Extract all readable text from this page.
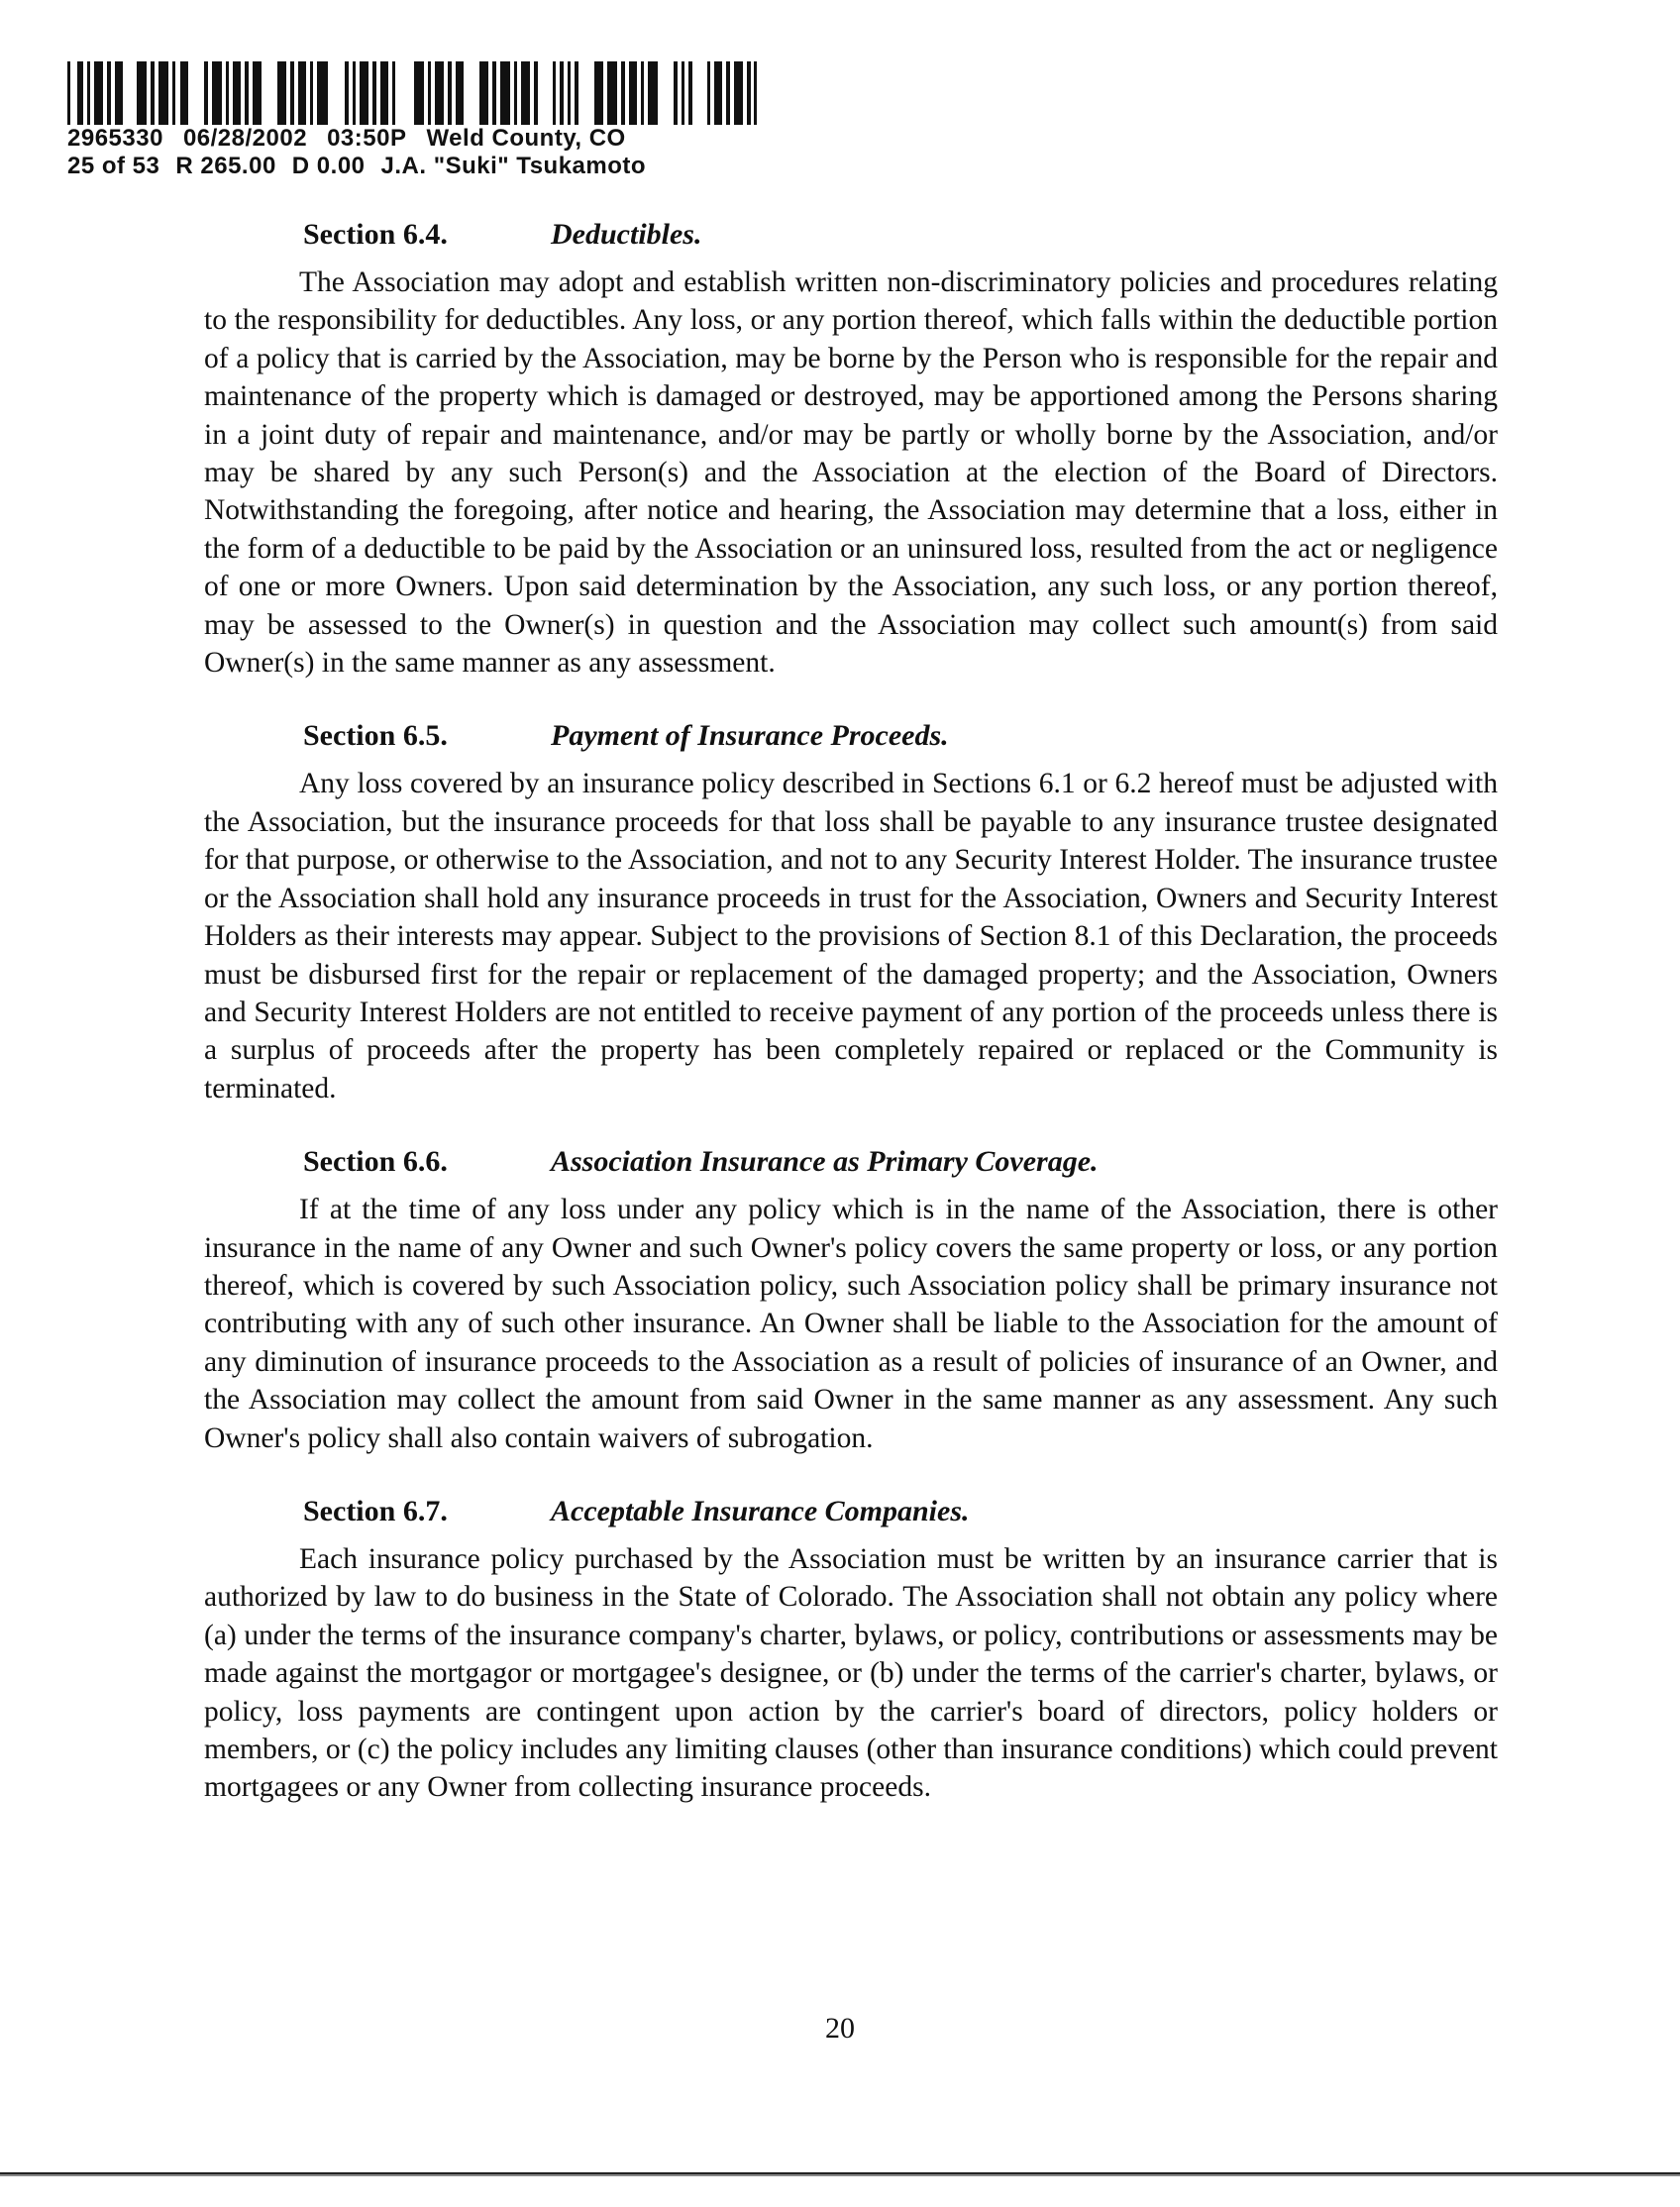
2965330 06/28/2002 03:50P Weld County, CO
25 of 53 R 265.00 D 0.00 J.A. "Suki" Tsukamoto
Section 6.4.	Deductibles.

The Association may adopt and establish written non-discriminatory policies and procedures relating to the responsibility for deductibles. Any loss, or any portion thereof, which falls within the deductible portion of a policy that is carried by the Association, may be borne by the Person who is responsible for the repair and maintenance of the property which is damaged or destroyed, may be apportioned among the Persons sharing in a joint duty of repair and maintenance, and/or may be partly or wholly borne by the Association, and/or may be shared by any such Person(s) and the Association at the election of the Board of Directors. Notwithstanding the foregoing, after notice and hearing, the Association may determine that a loss, either in the form of a deductible to be paid by the Association or an uninsured loss, resulted from the act or negligence of one or more Owners. Upon said determination by the Association, any such loss, or any portion thereof, may be assessed to the Owner(s) in question and the Association may collect such amount(s) from said Owner(s) in the same manner as any assessment.

Section 6.5.	Payment of Insurance Proceeds.

Any loss covered by an insurance policy described in Sections 6.1 or 6.2 hereof must be adjusted with the Association, but the insurance proceeds for that loss shall be payable to any insurance trustee designated for that purpose, or otherwise to the Association, and not to any Security Interest Holder. The insurance trustee or the Association shall hold any insurance proceeds in trust for the Association, Owners and Security Interest Holders as their interests may appear. Subject to the provisions of Section 8.1 of this Declaration, the proceeds must be disbursed first for the repair or replacement of the damaged property; and the Association, Owners and Security Interest Holders are not entitled to receive payment of any portion of the proceeds unless there is a surplus of proceeds after the property has been completely repaired or replaced or the Community is terminated.

Section 6.6.	Association Insurance as Primary Coverage.

If at the time of any loss under any policy which is in the name of the Association, there is other insurance in the name of any Owner and such Owner's policy covers the same property or loss, or any portion thereof, which is covered by such Association policy, such Association policy shall be primary insurance not contributing with any of such other insurance. An Owner shall be liable to the Association for the amount of any diminution of insurance proceeds to the Association as a result of policies of insurance of an Owner, and the Association may collect the amount from said Owner in the same manner as any assessment. Any such Owner's policy shall also contain waivers of subrogation.

Section 6.7.	Acceptable Insurance Companies.

Each insurance policy purchased by the Association must be written by an insurance carrier that is authorized by law to do business in the State of Colorado. The Association shall not obtain any policy where (a) under the terms of the insurance company's charter, bylaws, or policy, contributions or assessments may be made against the mortgagor or mortgagee's designee, or (b) under the terms of the carrier's charter, bylaws, or policy, loss payments are contingent upon action by the carrier's board of directors, policy holders or members, or (c) the policy includes any limiting clauses (other than insurance conditions) which could prevent mortgagees or any Owner from collecting insurance proceeds.

20
